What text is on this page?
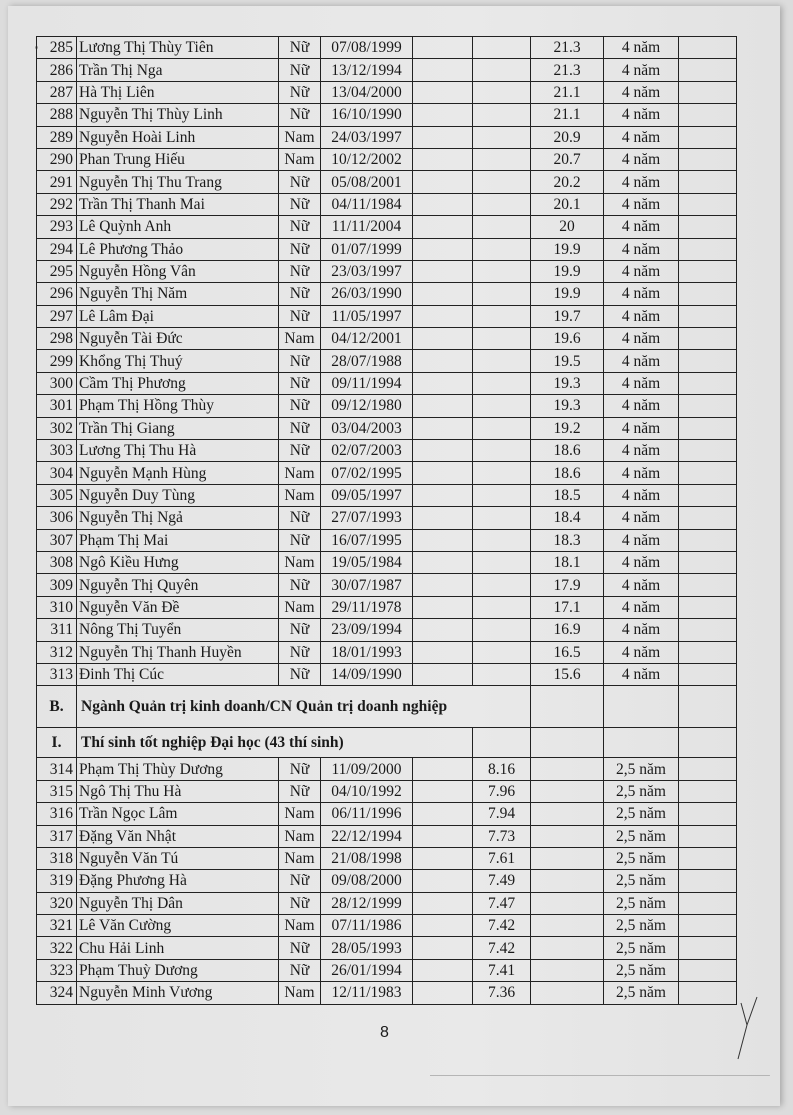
285	Lương Thị Thùy Tiên	Nữ	07/08/1999			21.3	4 năm	
286	Trần Thị Nga	Nữ	13/12/1994			21.3	4 năm	
287	Hà Thị Liên	Nữ	13/04/2000			21.1	4 năm	
288	Nguyễn Thị Thùy Linh	Nữ	16/10/1990			21.1	4 năm	
289	Nguyễn Hoài Linh	Nam	24/03/1997			20.9	4 năm	
290	Phan Trung Hiếu	Nam	10/12/2002			20.7	4 năm	
291	Nguyễn Thị Thu Trang	Nữ	05/08/2001			20.2	4 năm	
292	Trần Thị Thanh Mai	Nữ	04/11/1984			20.1	4 năm	
293	Lê Quỳnh Anh	Nữ	11/11/2004			20	4 năm	
294	Lê Phương Thảo	Nữ	01/07/1999			19.9	4 năm	
295	Nguyễn Hồng Vân	Nữ	23/03/1997			19.9	4 năm	
296	Nguyễn Thị Năm	Nữ	26/03/1990			19.9	4 năm	
297	Lê Lâm Đại	Nữ	11/05/1997			19.7	4 năm	
298	Nguyễn Tài Đức	Nam	04/12/2001			19.6	4 năm	
299	Khổng Thị Thuý	Nữ	28/07/1988			19.5	4 năm	
300	Cầm Thị Phương	Nữ	09/11/1994			19.3	4 năm	
301	Phạm Thị Hồng Thùy	Nữ	09/12/1980			19.3	4 năm	
302	Trần Thị Giang	Nữ	03/04/2003			19.2	4 năm	
303	Lương Thị Thu Hà	Nữ	02/07/2003			18.6	4 năm	
304	Nguyễn Mạnh Hùng	Nam	07/02/1995			18.6	4 năm	
305	Nguyễn Duy Tùng	Nam	09/05/1997			18.5	4 năm	
306	Nguyễn Thị Ngả	Nữ	27/07/1993			18.4	4 năm	
307	Phạm Thị Mai	Nữ	16/07/1995			18.3	4 năm	
308	Ngô Kiều Hưng	Nam	19/05/1984			18.1	4 năm	
309	Nguyễn Thị Quyên	Nữ	30/07/1987			17.9	4 năm	
310	Nguyễn Văn Đề	Nam	29/11/1978			17.1	4 năm	
311	Nông Thị Tuyển	Nữ	23/09/1994			16.9	4 năm	
312	Nguyễn Thị Thanh Huyền	Nữ	18/01/1993			16.5	4 năm	
313	Đinh Thị Cúc	Nữ	14/09/1990			15.6	4 năm	
B.	Ngành Quản trị kinh doanh/CN Quản trị doanh nghiệp							
I.	Thí sinh tốt nghiệp Đại học (43 thí sinh)							
314	Phạm Thị Thùy Dương	Nữ	11/09/2000		8.16		2,5 năm	
315	Ngô Thị Thu Hà	Nữ	04/10/1992		7.96		2,5 năm	
316	Trần Ngọc Lâm	Nam	06/11/1996		7.94		2,5 năm	
317	Đặng Văn Nhật	Nam	22/12/1994		7.73		2,5 năm	
318	Nguyễn Văn Tú	Nam	21/08/1998		7.61		2,5 năm	
319	Đặng Phương Hà	Nữ	09/08/2000		7.49		2,5 năm	
320	Nguyễn Thị Dân	Nữ	28/12/1999		7.47		2,5 năm	
321	Lê Văn Cường	Nam	07/11/1986		7.42		2,5 năm	
322	Chu Hải Linh	Nữ	28/05/1993		7.42		2,5 năm	
323	Phạm Thuỳ Dương	Nữ	26/01/1994		7.41		2,5 năm	
324	Nguyễn Minh Vương	Nam	12/11/1983		7.36		2,5 năm	
8
